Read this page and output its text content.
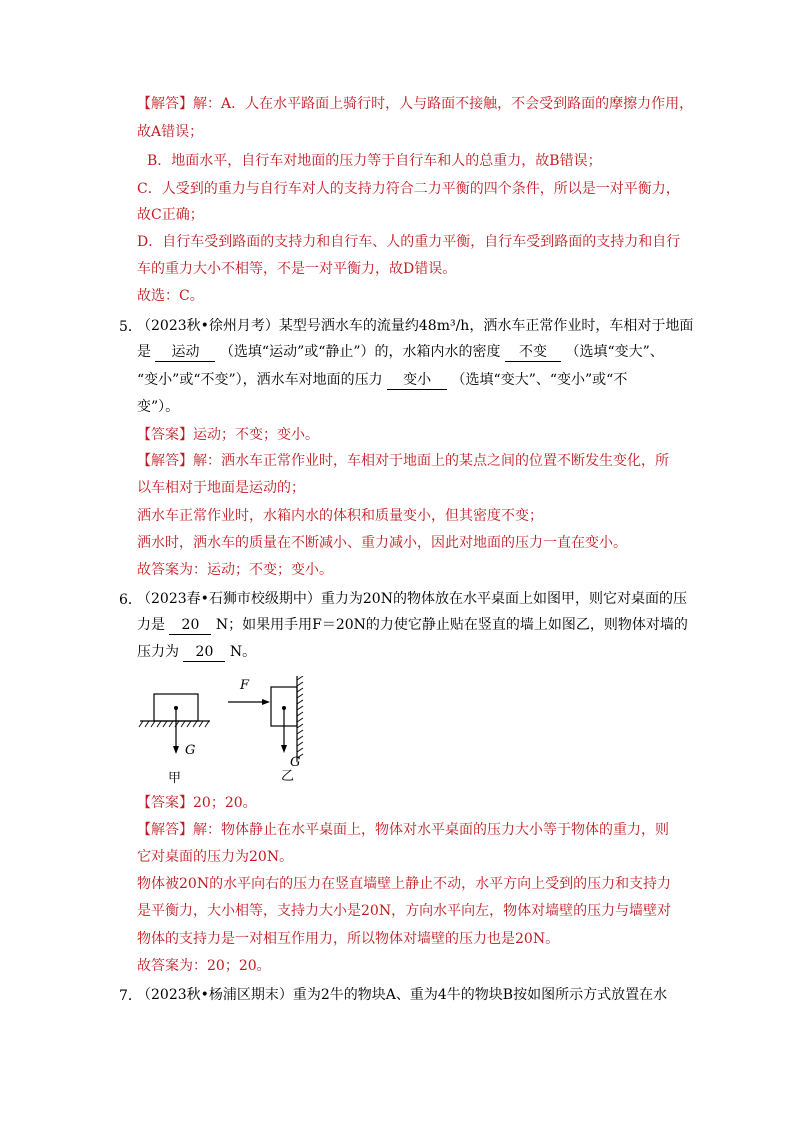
【解答】解：A．人在水平路面上骑行时，人与路面不接触，不会受到路面的摩擦力作用，
故A错误；
B．地面水平，自行车对地面的压力等于自行车和人的总重力，故B错误；
C．人受到的重力与自行车对人的支持力符合二力平衡的四个条件，所以是一对平衡力，
故C正确；
D．自行车受到路面的支持力和自行车、人的重力平衡，自行车受到路面的支持力和自行
车的重力大小不相等，不是一对平衡力，故D错误。
故选：C。
5．
（2023秋•徐州月考）某型号洒水车的流量约48m³/h，洒水车正常作业时，车相对于地面
是 运动 （选填“运动”或“静止”）的，水箱内水的密度 不变 （选填“变大”、
“变小”或“不变”），洒水车对地面的压力 变小 （选填“变大”、“变小”或“不
变”）。
【答案】运动；不变；变小。
【解答】解：洒水车正常作业时，车相对于地面上的某点之间的位置不断发生变化，所
以车相对于地面是运动的；
洒水车正常作业时，水箱内水的体积和质量变小，但其密度不变；
洒水时，洒水车的质量在不断减小、重力减小，因此对地面的压力一直在变小。
故答案为：运动；不变；变小。
6．
（2023春•石狮市校级期中）重力为20N的物体放在水平桌面上如图甲，则它对桌面的压
力是 20 N；如果用手用F＝20N的力使它静止贴在竖直的墙上如图乙，则物体对墙的
压力为 20 N。
G
甲
F
G
乙
【答案】20；20。
【解答】解：物体静止在水平桌面上，物体对水平桌面的压力大小等于物体的重力，则
它对桌面的压力为20N。
物体被20N的水平向右的压力在竖直墙壁上静止不动，水平方向上受到的压力和支持力
是平衡力，大小相等，支持力大小是20N，方向水平向左，物体对墙壁的压力与墙壁对
物体的支持力是一对相互作用力，所以物体对墙壁的压力也是20N。
故答案为：20；20。
7．
（2023秋•杨浦区期末）重为2牛的物块A、重为4牛的物块B按如图所示方式放置在水
